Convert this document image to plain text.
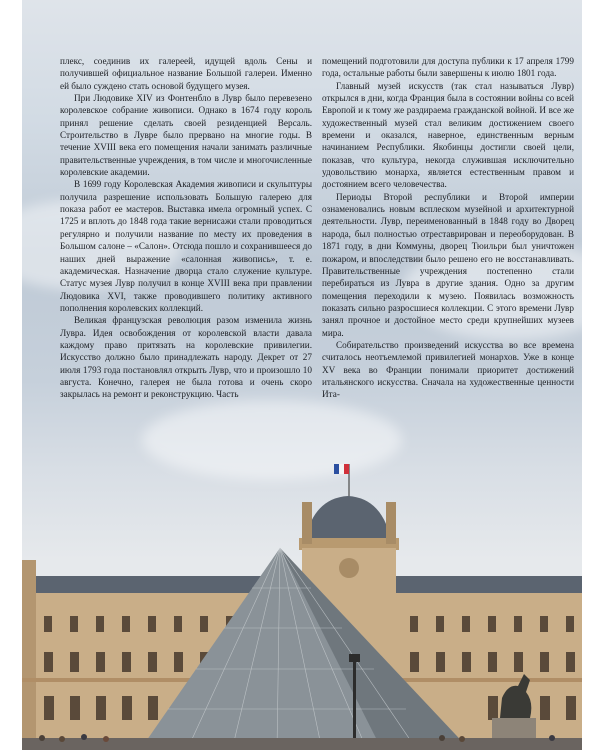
плекс, соединив их галереей, идущей вдоль Сены и получившей официальное название Большой галереи. Именно ей было суждено стать основой будущего музея.

При Людовике XIV из Фонтенбло в Лувр было перевезено королевское собрание живописи. Однако в 1674 году король принял решение сделать своей резиденцией Версаль. Строительство в Лувре было прервано на многие годы. В течение XVIII века его помещения начали занимать различные правительственные учреждения, в том числе и многочисленные королевские академии.

В 1699 году Королевская Академия живописи и скульптуры получила разрешение использовать Большую галерею для показа работ ее мастеров. Выставка имела огромный успех. С 1725 и вплоть до 1848 года такие вернисажи стали проводиться регулярно и получили название по месту их проведения в Большом салоне – «Салон». Отсюда пошло и сохранившееся до наших дней выражение «салонная живопись», т. е. академическая. Назначение дворца стало служение культуре. Статус музея Лувр получил в конце XVIII века при правлении Людовика XVI, также проводившего политику активного пополнения королевских коллекций.

Великая французская революция разом изменила жизнь Лувра. Идея освобождения от королевской власти давала каждому право притязать на королевские привилегии. Искусство должно было принадлежать народу. Декрет от 27 июля 1793 года постановлял открыть Лувр, что и произошло 10 августа. Конечно, галерея не была готова и очень скоро закрылась на ремонт и реконструкцию. Часть

помещений подготовили для доступа публики к 17 апреля 1799 года, остальные работы были завершены к июлю 1801 года.

Главный музей искусств (так стал называться Лувр) открылся в дни, когда Франция была в состоянии войны со всей Европой и к тому же раздираема гражданской войной. И все же художественный музей стал великим достижением своего времени и оказался, наверное, единственным верным начинанием Республики. Якобинцы достигли своей цели, показав, что культура, некогда служившая исключительно удовольствию монарха, является естественным правом и достоянием всего человечества.

Периоды Второй республики и Второй империи ознаменовались новым всплеском музейной и архитектурной деятельности. Лувр, переименованный в 1848 году во Дворец народа, был полностью отреставрирован и переоборудован. В 1871 году, в дни Коммуны, дворец Тюильри был уничтожен пожаром, и впоследствии было решено его не восстанавливать. Правительственные учреждения постепенно стали перебираться из Лувра в другие здания. Одно за другим помещения переходили к музею. Появилась возможность показать сильно разросшиеся коллекции. С этого времени Лувр занял прочное и достойное место среди крупнейших музеев мира.

Собирательство произведений искусства во все времена считалось неотъемлемой привилегией монархов. Уже в конце XV века во Франции понимали приоритет достижений итальянского искусства. Сначала на художественные ценности Ита-
